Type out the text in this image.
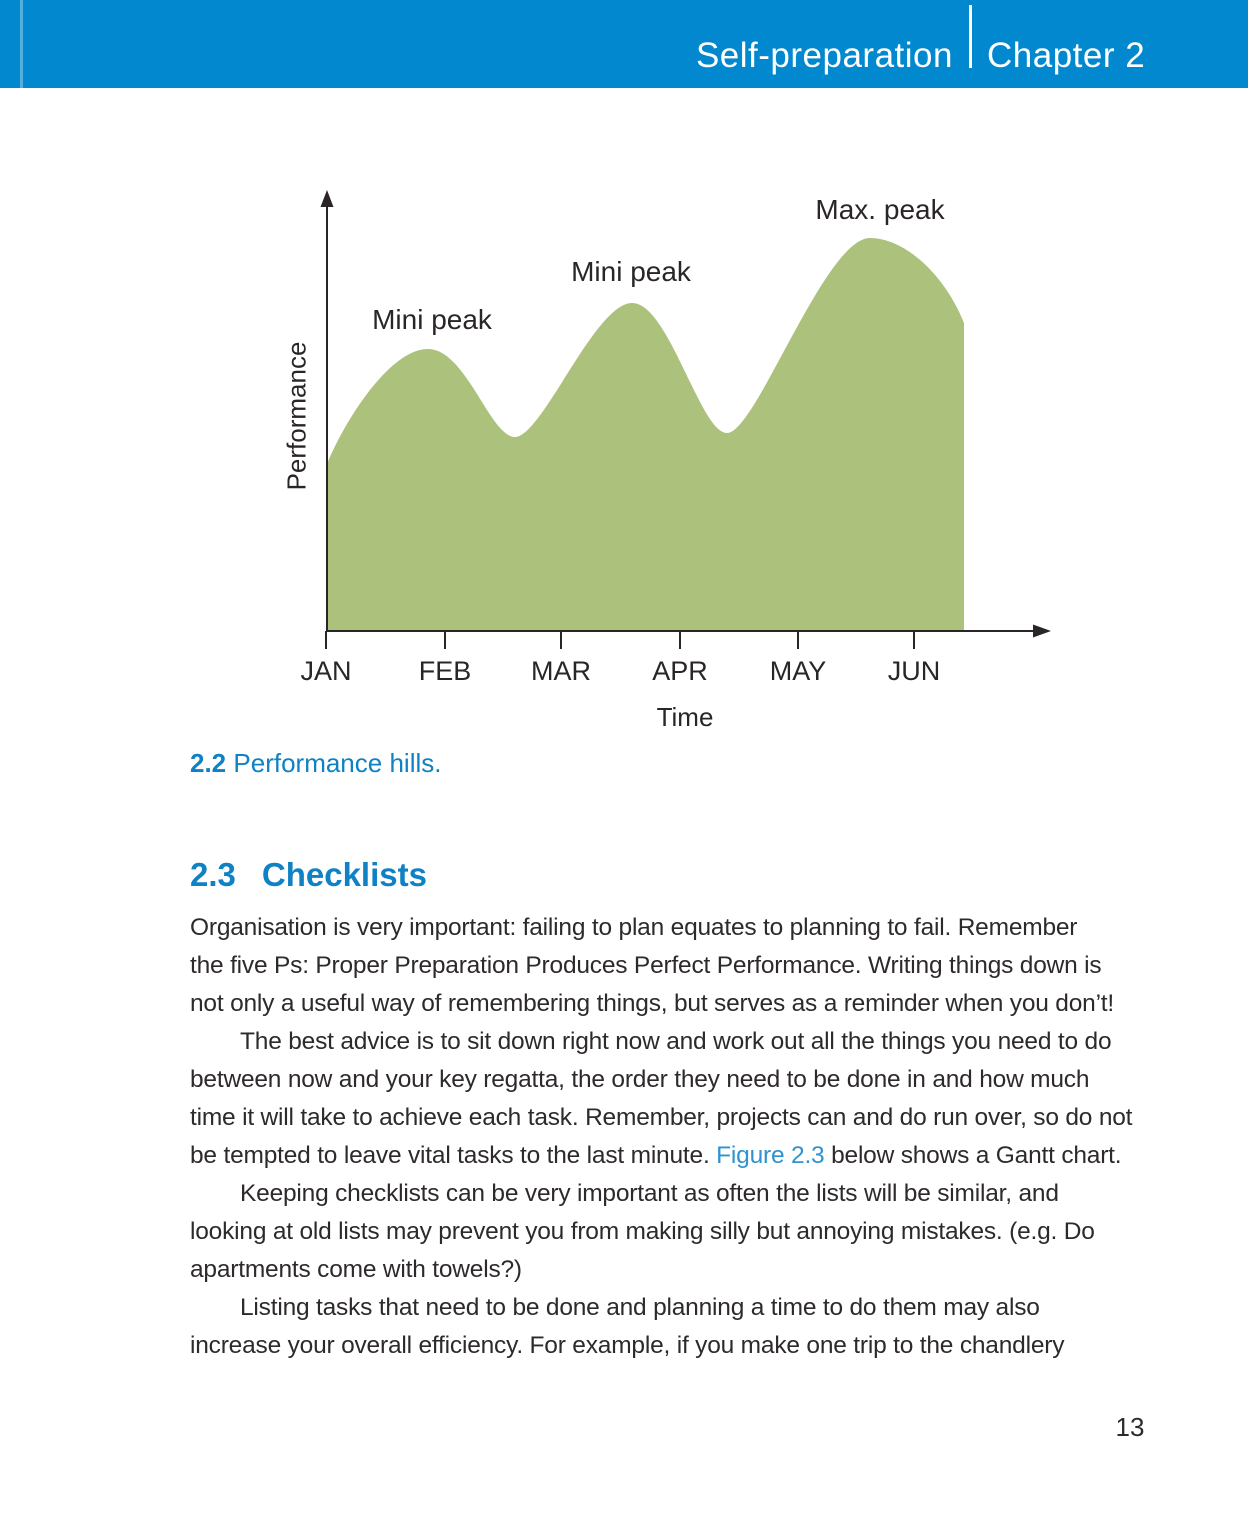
Self-preparation Chapter 2
Performance
Mini peak
Mini peak
Max. peak
JAN	FEB	MAR	APR	MAY	JUN
Time
2.2 Performance hills.
2.3 Checklists
Organisation is very important: failing to plan equates to planning to fail. Remember
the five Ps: Proper Preparation Produces Perfect Performance. Writing things down is
not only a useful way of remembering things, but serves as a reminder when you don’t!
The best advice is to sit down right now and work out all the things you need to do
between now and your key regatta, the order they need to be done in and how much
time it will take to achieve each task. Remember, projects can and do run over, so do not
be tempted to leave vital tasks to the last minute. Figure 2.3 below shows a Gantt chart.
Keeping checklists can be very important as often the lists will be similar, and
looking at old lists may prevent you from making silly but annoying mistakes. (e.g. Do
apartments come with towels?)
Listing tasks that need to be done and planning a time to do them may also
increase your overall efficiency. For example, if you make one trip to the chandlery
13
